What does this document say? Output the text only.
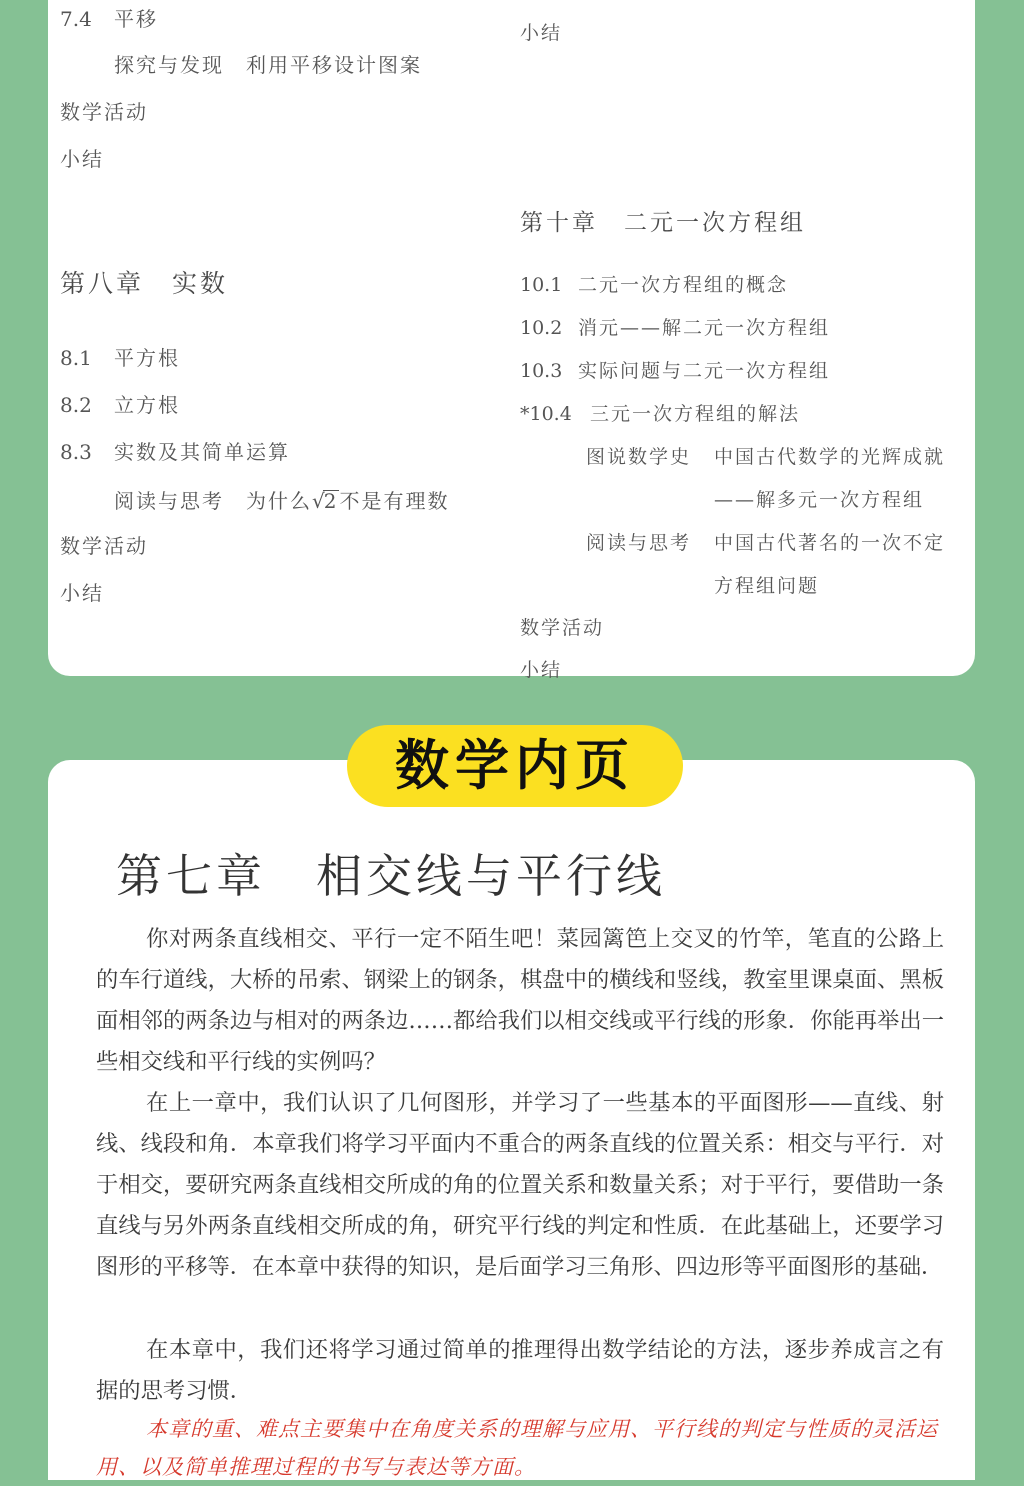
7.4 平移
探究与发现　利用平移设计图案
数学活动
小结
第八章　实数
8.1 平方根
8.2 立方根
8.3 实数及其简单运算
阅读与思考　为什么√2不是有理数
数学活动
小结
小结
第十章　二元一次方程组
10.1 二元一次方程组的概念
10.2 消元——解二元一次方程组
10.3 实际问题与二元一次方程组
*10.4 三元一次方程组的解法
图说数学史 中国古代数学的光辉成就
——解多元一次方程组
阅读与思考 中国古代著名的一次不定
方程组问题
数学活动
小结
数学内页
第七章　相交线与平行线

你对两条直线相交、平行一定不陌生吧！菜园篱笆上交叉的竹竿，笔直的公路上的车行道线，大桥的吊索、钢梁上的钢条，棋盘中的横线和竖线，教室里课桌面、黑板面相邻的两条边与相对的两条边……都给我们以相交线或平行线的形象．你能再举出一些相交线和平行线的实例吗？

在上一章中，我们认识了几何图形，并学习了一些基本的平面图形——直线、射线、线段和角．本章我们将学习平面内不重合的两条直线的位置关系：相交与平行．对于相交，要研究两条直线相交所成的角的位置关系和数量关系；对于平行，要借助一条直线与另外两条直线相交所成的角，研究平行线的判定和性质．在此基础上，还要学习图形的平移等．在本章中获得的知识，是后面学习三角形、四边形等平面图形的基础．

在本章中，我们还将学习通过简单的推理得出数学结论的方法，逐步养成言之有据的思考习惯．

本章的重、难点主要集中在角度关系的理解与应用、平行线的判定与性质的灵活运用、以及简单推理过程的书写与表达等方面。
